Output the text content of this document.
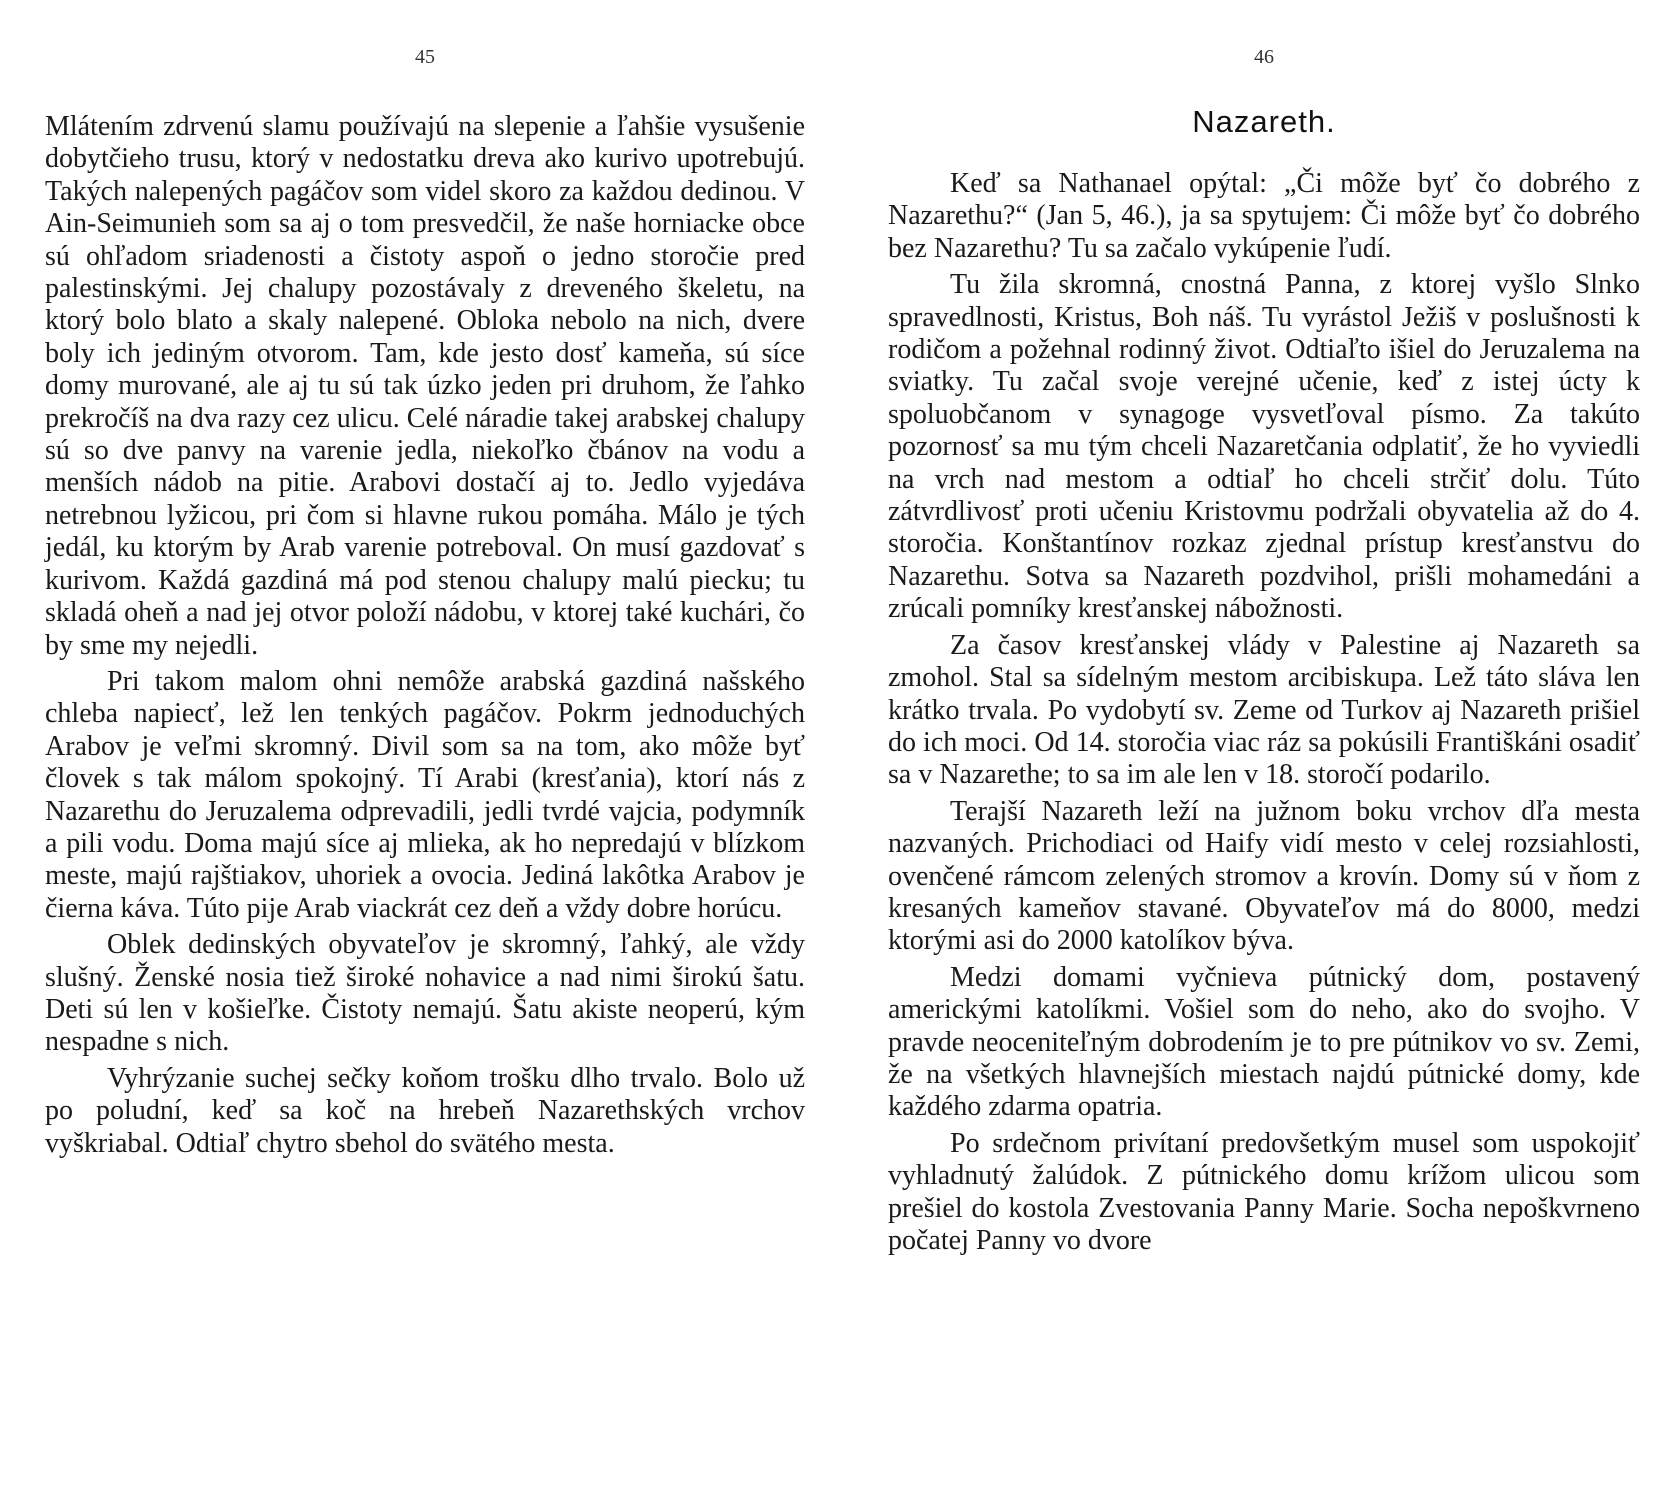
45

Mlátením zdrvenú slamu používajú na slepenie a ľahšie vysušenie dobytčieho trusu, ktorý v nedostatku dreva ako kurivo upotrebujú. Takých nalepených pagáčov som videl skoro za každou dedinou. V Ain-Seimunieh som sa aj o tom presvedčil, že naše horniacke obce sú ohľadom sriadenosti a čistoty aspoň o jedno storočie pred palestinskými. Jej chalupy pozostávaly z dreveného škeletu, na ktorý bolo blato a skaly nalepené. Obloka nebolo na nich, dvere boly ich jediným otvorom. Tam, kde jesto dosť kameňa, sú síce domy murované, ale aj tu sú tak úzko jeden pri druhom, že ľahko prekročíš na dva razy cez ulicu. Celé náradie takej arabskej chalupy sú so dve panvy na varenie jedla, niekoľko čbánov na vodu a menších nádob na pitie. Arabovi dostačí aj to. Jedlo vyjedáva netrebnou lyžicou, pri čom si hlavne rukou pomáha. Málo je tých jedál, ku ktorým by Arab varenie potreboval. On musí gazdovať s kurivom. Každá gazdiná má pod stenou chalupy malú piecku; tu skladá oheň a nad jej otvor položí nádobu, v ktorej také kuchári, čo by sme my nejedli.

Pri takom malom ohni nemôže arabská gazdiná našského chleba napiecť, lež len tenkých pagáčov. Pokrm jednoduchých Arabov je veľmi skromný. Divil som sa na tom, ako môže byť človek s tak málom spokojný. Tí Arabi (kresťania), ktorí nás z Nazarethu do Jeruzalema odprevadili, jedli tvrdé vajcia, podymník a pili vodu. Doma majú síce aj mlieka, ak ho nepredajú v blízkom meste, majú rajštiakov, uhoriek a ovocia. Jediná lakôtka Arabov je čierna káva. Túto pije Arab viackrát cez deň a vždy dobre horúcu.

Oblek dedinských obyvateľov je skromný, ľahký, ale vždy slušný. Ženské nosia tiež široké nohavice a nad nimi širokú šatu. Deti sú len v košieľke. Čistoty nemajú. Šatu akiste neoperú, kým nespadne s nich.

Vyhrýzanie suchej sečky koňom trošku dlho trvalo. Bolo už po poludní, keď sa koč na hrebeň Nazarethských vrchov vyškriabal. Odtiaľ chytro sbehol do svätého mesta.

46
Nazareth.

Keď sa Nathanael opýtal: „Či môže byť čo dobrého z Nazarethu?“ (Jan 5, 46.), ja sa spytujem: Či môže byť čo dobrého bez Nazarethu? Tu sa začalo vykúpenie ľudí.

Tu žila skromná, cnostná Panna, z ktorej vyšlo Slnko spravedlnosti, Kristus, Boh náš. Tu vyrástol Ježiš v poslušnosti k rodičom a požehnal rodinný život. Odtiaľto išiel do Jeruzalema na sviatky. Tu začal svoje verejné učenie, keď z istej úcty k spoluobčanom v synagoge vysvetľoval písmo. Za takúto pozornosť sa mu tým chceli Nazaretčania odplatiť, že ho vyviedli na vrch nad mestom a odtiaľ ho chceli strčiť dolu. Túto zátvrdlivosť proti učeniu Kristovmu podržali obyvatelia až do 4. storočia. Konštantínov rozkaz zjednal prístup kresťanstvu do Nazarethu. Sotva sa Nazareth pozdvihol, prišli mohamedáni a zrúcali pomníky kresťanskej nábožnosti.

Za časov kresťanskej vlády v Palestine aj Nazareth sa zmohol. Stal sa sídelným mestom arcibiskupa. Lež táto sláva len krátko trvala. Po vydobytí sv. Zeme od Turkov aj Nazareth prišiel do ich moci. Od 14. storočia viac ráz sa pokúsili Františkáni osadiť sa v Nazarethe; to sa im ale len v 18. storočí podarilo.

Terajší Nazareth leží na južnom boku vrchov dľa mesta nazvaných. Prichodiaci od Haify vidí mesto v celej rozsiahlosti, ovenčené rámcom zelených stromov a krovín. Domy sú v ňom z kresaných kameňov stavané. Obyvateľov má do 8000, medzi ktorými asi do 2000 katolíkov býva.

Medzi domami vyčnieva pútnický dom, postavený americkými katolíkmi. Vošiel som do neho, ako do svojho. V pravde neoceniteľným dobrodením je to pre pútnikov vo sv. Zemi, že na všetkých hlavnejších miestach najdú pútnické domy, kde každého zdarma opatria.

Po srdečnom privítaní predovšetkým musel som uspokojiť vyhladnutý žalúdok. Z pútnického domu krížom ulicou som prešiel do kostola Zvestovania Panny Marie. Socha nepoškvrneno počatej Panny vo dvore
